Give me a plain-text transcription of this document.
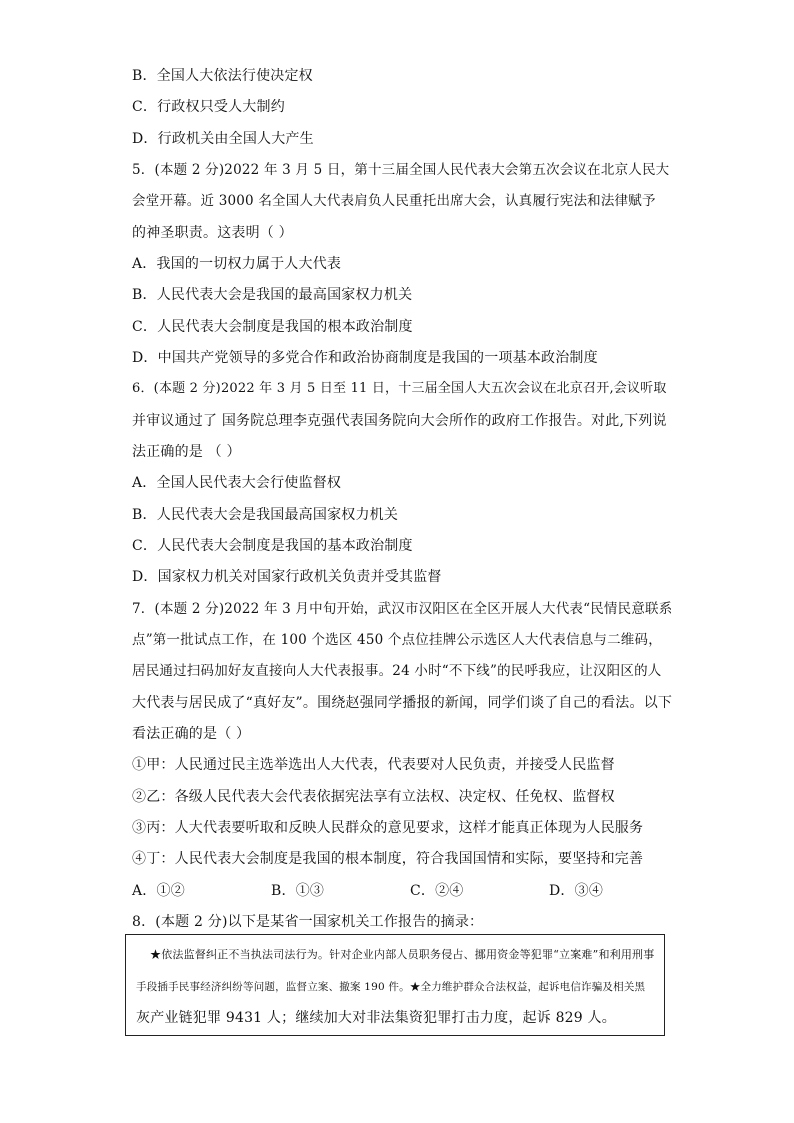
B．全国人大依法行使决定权
C．行政权只受人大制约
D．行政机关由全国人大产生
5．(本题 2 分)2022 年 3 月 5 日，第十三届全国人民代表大会第五次会议在北京人民大
会堂开幕。近 3000 名全国人大代表肩负人民重托出席大会，认真履行宪法和法律赋予
的神圣职责。这表明（ ）
A．我国的一切权力属于人大代表
B．人民代表大会是我国的最高国家权力机关
C．人民代表大会制度是我国的根本政治制度
D．中国共产党领导的多党合作和政治协商制度是我国的一项基本政治制度
6．(本题 2 分)2022 年 3 月 5 日至 11 日，十三届全国人大五次会议在北京召开,会议听取
并审议通过了 国务院总理李克强代表国务院向大会所作的政府工作报告。对此,下列说
法正确的是 （ ）
A．全国人民代表大会行使监督权
B．人民代表大会是我国最高国家权力机关
C．人民代表大会制度是我国的基本政治制度
D．国家权力机关对国家行政机关负责并受其监督
7．(本题 2 分)2022 年 3 月中旬开始，武汉市汉阳区在全区开展人大代表“民情民意联系
点”第一批试点工作，在 100 个选区 450 个点位挂牌公示选区人大代表信息与二维码，
居民通过扫码加好友直接向人大代表报事。24 小时“不下线”的民呼我应，让汉阳区的人
大代表与居民成了“真好友”。围绕赵强同学播报的新闻，同学们谈了自己的看法。以下
看法正确的是（ ）
①甲：人民通过民主选举选出人大代表，代表要对人民负责，并接受人民监督
②乙：各级人民代表大会代表依据宪法享有立法权、决定权、任免权、监督权
③丙：人大代表要听取和反映人民群众的意见要求，这样才能真正体现为人民服务
④丁：人民代表大会制度是我国的根本制度，符合我国国情和实际，要坚持和完善
A．①②	B．①③	C．②④	D．③④
8．(本题 2 分)以下是某省一国家机关工作报告的摘录：
★依法监督纠正不当执法司法行为。针对企业内部人员职务侵占、挪用资金等犯罪“立案难”和利用刑事
手段插手民事经济纠纷等问题，监督立案、撤案 190 件。★全力维护群众合法权益，起诉电信诈骗及相关黑
灰产业链犯罪 9431 人；继续加大对非法集资犯罪打击力度，起诉 829 人。
